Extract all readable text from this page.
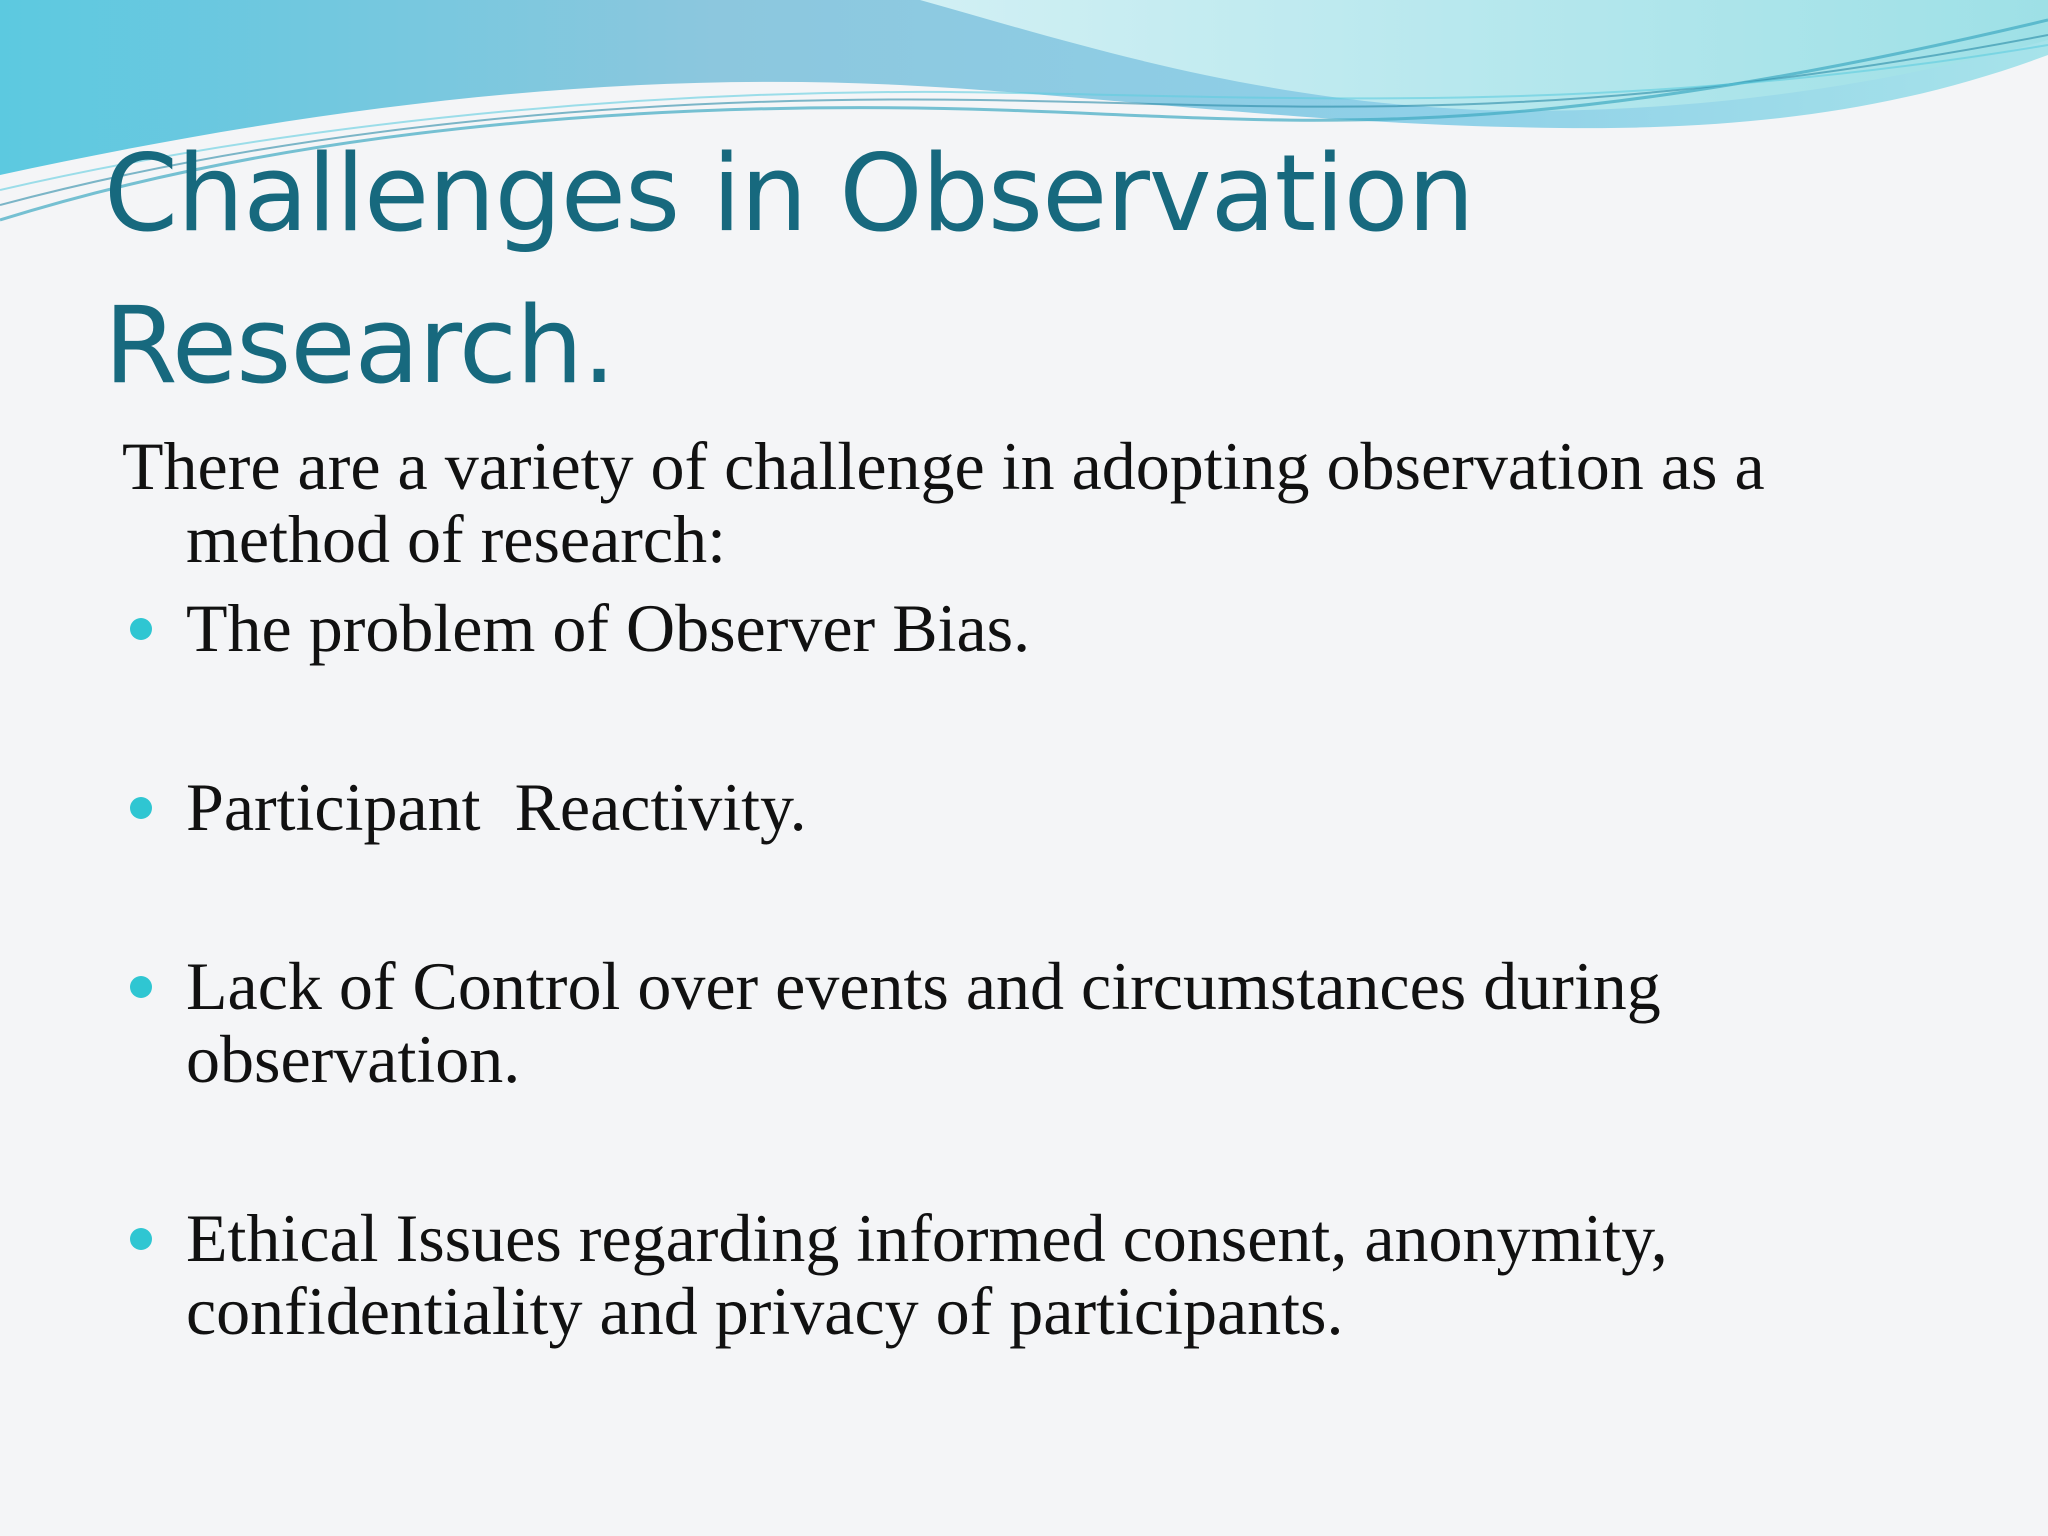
Challenges in Observation Research.

There are a variety of challenge in adopting observation as a method of research:

The problem of Observer Bias.
Participant  Reactivity.
Lack of Control over events and circumstances during observation.
Ethical Issues regarding informed consent, anonymity, confidentiality and privacy of participants.
